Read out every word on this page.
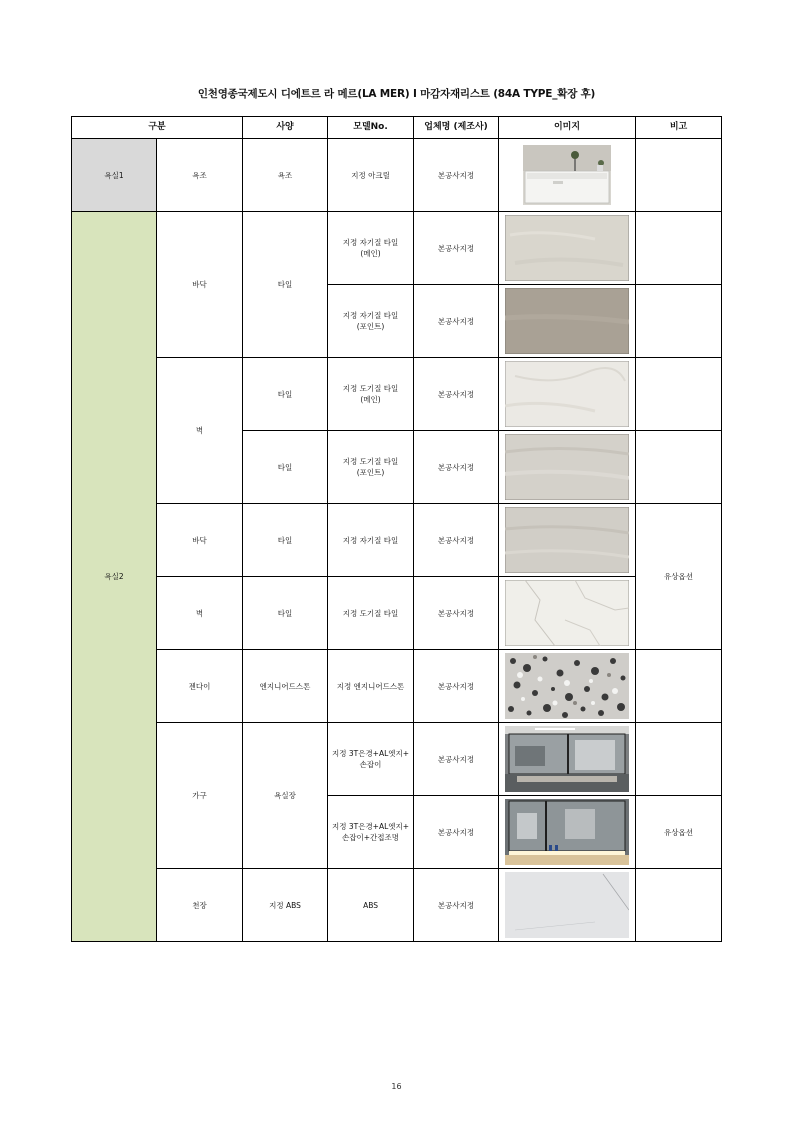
인천영종국제도시 디에트르 라 메르(LA MER) I 마감자재리스트 (84A TYPE_확장 후)
구분		사양	모델No.	업체명 (제조사)	이미지	비고
욕실1	욕조	욕조	지정 아크릴	본공사지정	

욕실2	바닥	타일	지정 자기질 타일
(메인)	본공사지정	

			지정 자기질 타일
(포인트)	본공사지정	

	벽	타일	지정 도기질 타일
(메인)	본공사지정	

		타일	지정 도기질 타일
(포인트)	본공사지정	

	바닥	타일	지정 자기질 타일	본공사지정		유상옵션
	벽	타일	지정 도기질 타일	본공사지정	

	젠다이	엔지니어드스톤	지정 엔지니어드스톤	본공사지정	

	가구	욕실장	지정 3T은경+AL엣지+
손잡이	본공사지정	

			지정 3T은경+AL엣지+
손잡이+간접조명	본공사지정		유상옵션
	천장	지정 ABS	ABS	본공사지정	

16
